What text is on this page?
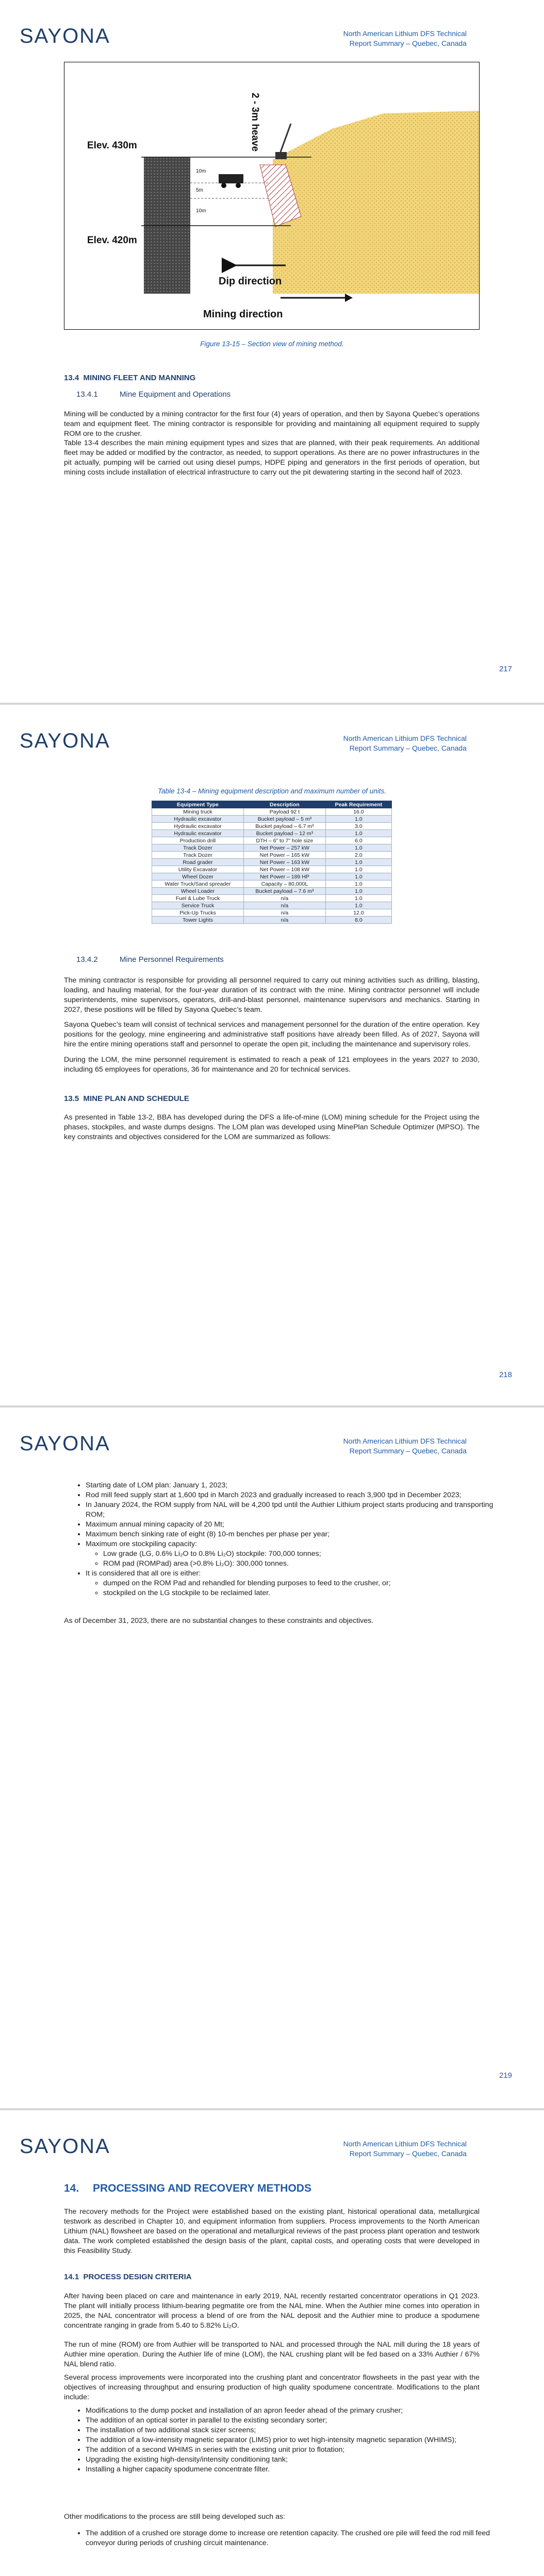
SAYONA	North American Lithium DFS Technical
Report Summary – Quebec, Canada
2 - 3m heave
Elev. 430m
Elev. 420m
10m
5m
10m
Dip direction
Mining direction
Figure 13-15 – Section view of mining method.
13.4 MINING FLEET AND MANNING
13.4.1	Mine Equipment and Operations
Mining will be conducted by a mining contractor for the first four (4) years of operation, and then by Sayona Quebec’s operations team and equipment fleet. The mining contractor is responsible for providing and maintaining all equipment required to supply ROM ore to the crusher.
Table 13-4 describes the main mining equipment types and sizes that are planned, with their peak requirements. An additional fleet may be added or modified by the contractor, as needed, to support operations. As there are no power infrastructures in the pit actually, pumping will be carried out using diesel pumps, HDPE piping and generators in the first periods of operation, but mining costs include installation of electrical infrastructure to carry out the pit dewatering starting in the second half of 2023.
217
SAYONA	North American Lithium DFS Technical
Report Summary – Quebec, Canada
Table 13-4 – Mining equipment description and maximum number of units.
Equipment Type	Description	Peak Requirement
Mining truck	Payload 92 t	16.0
Hydraulic excavator	Bucket payload – 5 m³	1.0
Hydraulic excavator	Bucket payload – 6.7 m³	3.0
Hydraulic excavator	Bucket payload – 12 m³	1.0
Production drill	DTH – 6” to 7” hole size	6.0
Track Dozer	Net Power – 257 kW	1.0
Track Dozer	Net Power – 165 kW	2.0
Road grader	Net Power – 163 kW	1.0
Utility Excavator	Net Power – 108 kW	1.0
Wheel Dozer	Net Power – 189 HP	1.0
Water Truck/Sand spreader	Capacity – 80,000L	1.0
Wheel Loader	Bucket payload – 7.6 m³	1.0
Fuel & Lube Truck	n/a	1.0
Service Truck	n/a	1.0
Pick-Up Trucks	n/a	12.0
Tower Lights	n/a	8.0
13.4.2	Mine Personnel Requirements
The mining contractor is responsible for providing all personnel required to carry out mining activities such as drilling, blasting, loading, and hauling material, for the four-year duration of its contract with the mine. Mining contractor personnel will include superintendents, mine supervisors, operators, drill-and-blast personnel, maintenance supervisors and mechanics. Starting in 2027, these positions will be filled by Sayona Quebec’s team.
Sayona Quebec’s team will consist of technical services and management personnel for the duration of the entire operation. Key positions for the geology, mine engineering and administrative staff positions have already been filled. As of 2027, Sayona will hire the entire mining operations staff and personnel to operate the open pit, including the maintenance and supervisory roles.
During the LOM, the mine personnel requirement is estimated to reach a peak of 121 employees in the years 2027 to 2030, including 65 employees for operations, 36 for maintenance and 20 for technical services.
13.5 MINE PLAN AND SCHEDULE
As presented in Table 13-2, BBA has developed during the DFS a life-of-mine (LOM) mining schedule for the Project using the phases, stockpiles, and waste dumps designs. The LOM plan was developed using MinePlan Schedule Optimizer (MPSO). The key constraints and objectives considered for the LOM are summarized as follows:
218
SAYONA	North American Lithium DFS Technical
Report Summary – Quebec, Canada
• Starting date of LOM plan: January 1, 2023;
• Rod mill feed supply start at 1,600 tpd in March 2023 and gradually increased to reach 3,900 tpd in December 2023;
• In January 2024, the ROM supply from NAL will be 4,200 tpd until the Authier Lithium project starts producing and transporting ROM;
• Maximum annual mining capacity of 20 Mt;
• Maximum bench sinking rate of eight (8) 10-m benches per phase per year;
• Maximum ore stockpiling capacity:
◦ Low grade (LG, 0.6% Li₂O to 0.8% Li₂O) stockpile: 700,000 tonnes;
◦ ROM pad (ROMPad) area (>0.8% Li₂O): 300,000 tonnes.
• It is considered that all ore is either:
◦ dumped on the ROM Pad and rehandled for blending purposes to feed to the crusher, or;
◦ stockpiled on the LG stockpile to be reclaimed later.
As of December 31, 2023, there are no substantial changes to these constraints and objectives.
219
SAYONA	North American Lithium DFS Technical
Report Summary – Quebec, Canada
14. PROCESSING AND RECOVERY METHODS
The recovery methods for the Project were established based on the existing plant, historical operational data, metallurgical testwork as described in Chapter 10, and equipment information from suppliers. Process improvements to the North American Lithium (NAL) flowsheet are based on the operational and metallurgical reviews of the past process plant operation and testwork data. The work completed established the design basis of the plant, capital costs, and operating costs that were developed in this Feasibility Study.
14.1 PROCESS DESIGN CRITERIA
After having been placed on care and maintenance in early 2019, NAL recently restarted concentrator operations in Q1 2023. The plant will initially process lithium-bearing pegmatite ore from the NAL mine. When the Authier mine comes into operation in 2025, the NAL concentrator will process a blend of ore from the NAL deposit and the Authier mine to produce a spodumene concentrate ranging in grade from 5.40 to 5.82% Li₂O.
The run of mine (ROM) ore from Authier will be transported to NAL and processed through the NAL mill during the 18 years of Authier mine operation. During the Authier life of mine (LOM), the NAL crushing plant will be fed based on a 33% Authier / 67% NAL blend ratio.
Several process improvements were incorporated into the crushing plant and concentrator flowsheets in the past year with the objectives of increasing throughput and ensuring production of high quality spodumene concentrate. Modifications to the plant include:
• Modifications to the dump pocket and installation of an apron feeder ahead of the primary crusher;
• The addition of an optical sorter in parallel to the existing secondary sorter;
• The installation of two additional stack sizer screens;
• The addition of a low-intensity magnetic separator (LIMS) prior to wet high-intensity magnetic separation (WHIMS);
• The addition of a second WHIMS in series with the existing unit prior to flotation;
• Upgrading the existing high-density/intensity conditioning tank;
• Installing a higher capacity spodumene concentrate filter.
Other modifications to the process are still being developed such as:
• The addition of a crushed ore storage dome to increase ore retention capacity. The crushed ore pile will feed the rod mill feed conveyor during periods of crushing circuit maintenance.
